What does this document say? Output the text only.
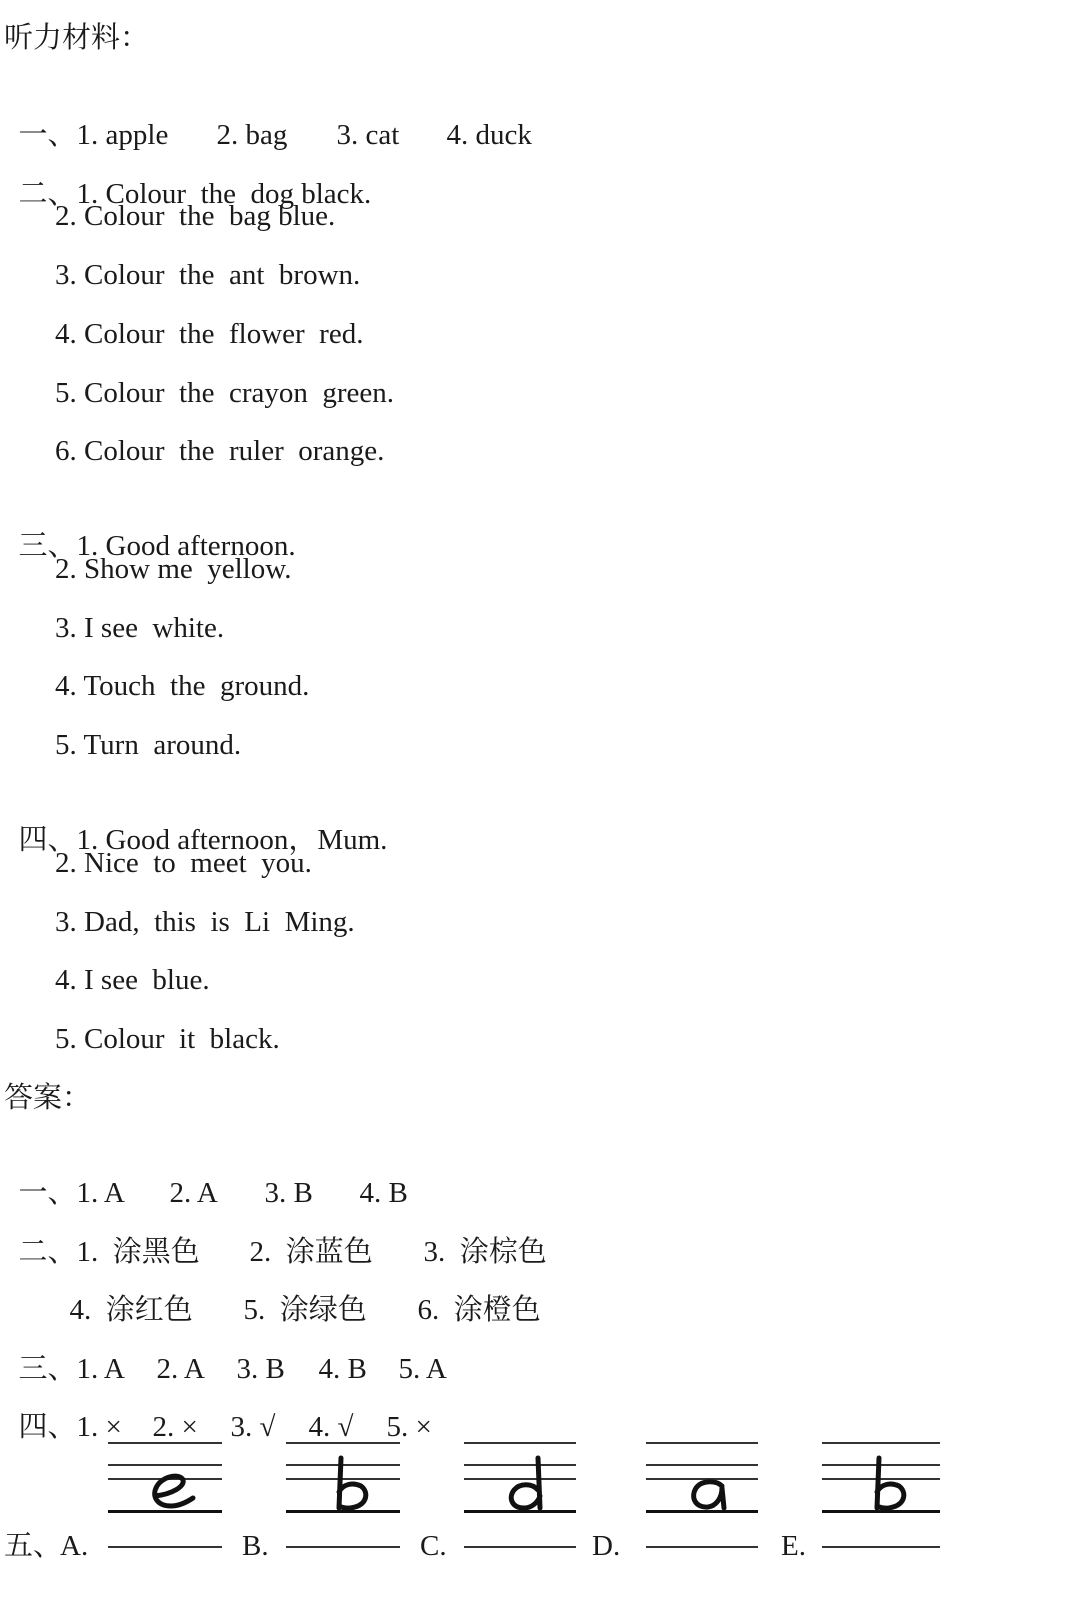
听力材料：

一、1. apple 2. bag 3. cat 4. duck

二、1. Colour  the  dog black.

2. Colour  the  bag blue.
3. Colour  the  ant  brown.
4. Colour  the  flower  red.
5. Colour  the  crayon  green.
6. Colour  the  ruler  orange.

三、1. Good afternoon.

2. Show me  yellow.
3. I see  white.
4. Touch  the  ground.
5. Turn  around.

四、1. Good afternoon，Mum.

2. Nice  to  meet  you.
3. Dad,  this  is  Li  Ming.
4. I see  blue.
5. Colour  it  black.
答案：

一、1. A 2. A 3. B 4. B

二、1.  涂黑色 2.  涂蓝色 3.  涂棕色

4.  涂红色 5.  涂绿色 6.  涂橙色

三、1. A 2. A 3. B 4. B 5. A

四、1. × 2. × 3. √ 4. √ 5. ×

五、
A.	B.	C.	D.	E.
